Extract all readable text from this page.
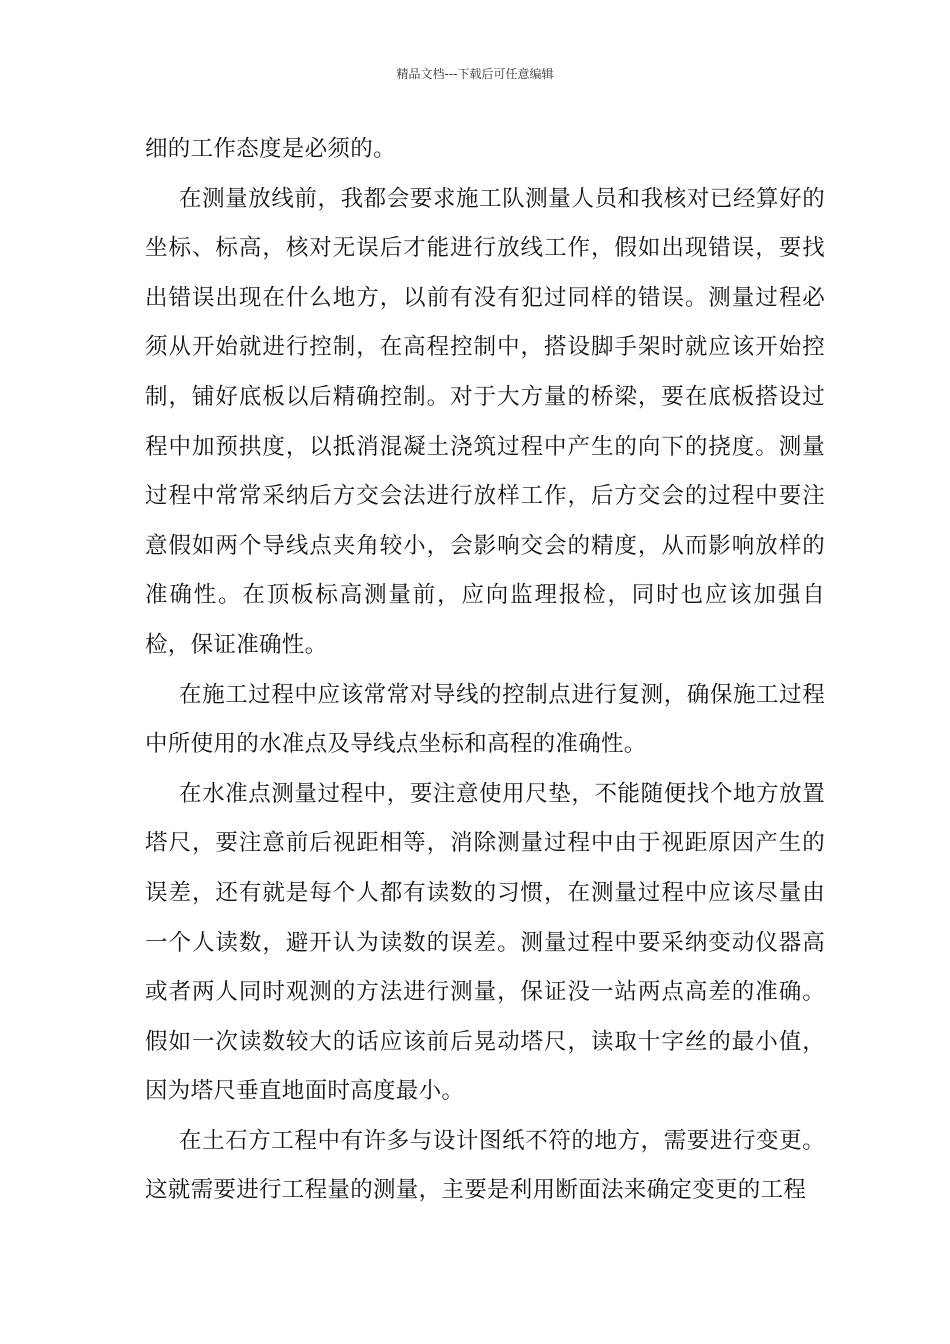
精品文档---下载后可任意编辑

细的工作态度是必须的。

在测量放线前，我都会要求施工队测量人员和我核对已经算好的坐标、标高，核对无误后才能进行放线工作，假如出现错误，要找出错误出现在什么地方，以前有没有犯过同样的错误。测量过程必须从开始就进行控制，在高程控制中，搭设脚手架时就应该开始控制，铺好底板以后精确控制。对于大方量的桥梁，要在底板搭设过程中加预拱度，以抵消混凝土浇筑过程中产生的向下的挠度。测量过程中常常采纳后方交会法进行放样工作，后方交会的过程中要注意假如两个导线点夹角较小，会影响交会的精度，从而影响放样的准确性。在顶板标高测量前，应向监理报检，同时也应该加强自检，保证准确性。

在施工过程中应该常常对导线的控制点进行复测，确保施工过程中所使用的水准点及导线点坐标和高程的准确性。

在水准点测量过程中，要注意使用尺垫，不能随便找个地方放置塔尺，要注意前后视距相等，消除测量过程中由于视距原因产生的误差，还有就是每个人都有读数的习惯，在测量过程中应该尽量由一个人读数，避开认为读数的误差。测量过程中要采纳变动仪器高或者两人同时观测的方法进行测量，保证没一站两点高差的准确。假如一次读数较大的话应该前后晃动塔尺，读取十字丝的最小值，因为塔尺垂直地面时高度最小。

在土石方工程中有许多与设计图纸不符的地方，需要进行变更。这就需要进行工程量的测量，主要是利用断面法来确定变更的工程
